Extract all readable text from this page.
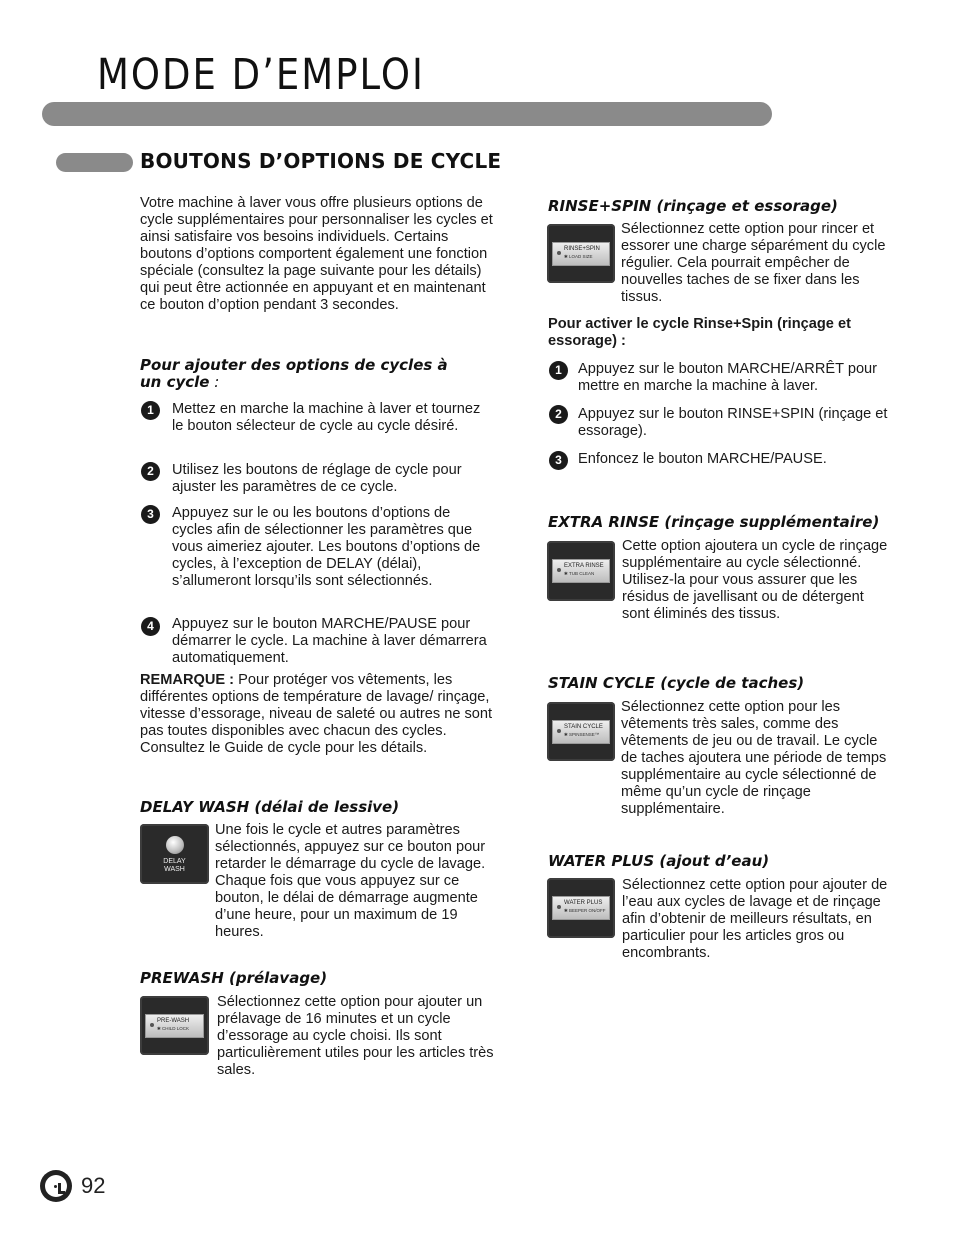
MODE D’EMPLOI
BOUTONS D’OPTIONS DE CYCLE

Votre machine à laver vous offre plusieurs options de cycle supplémentaires pour personnaliser les cycles et ainsi satisfaire vos besoins individuels. Certains boutons d’options comportent également une fonction spéciale (consultez la page suivante pour les détails) qui peut être actionnée en appuyant et en maintenant ce bouton d’option pendant 3 secondes.

Pour ajouter des options de cycles à un cycle :
1	Mettez en marche la machine à laver et tournez le bouton sélecteur de cycle au cycle désiré.

2	Utilisez les boutons de réglage de cycle pour ajuster les paramètres de ce cycle.

3	Appuyez sur le ou les boutons d’options de cycles afin de sélectionner les paramètres que vous aimeriez ajouter. Les boutons d’options de cycles, à l’exception de DELAY (délai), s’allumeront lorsqu’ils sont sélectionnés.

4	Appuyez sur le bouton MARCHE/PAUSE pour démarrer le cycle. La machine à laver démarrera automatiquement.

REMARQUE : Pour protéger vos vêtements, les différentes options de température de lavage/ rinçage, vitesse d’essorage, niveau de saleté ou autres ne sont pas toutes disponibles avec chacun des cycles. Consultez le Guide de cycle pour les détails.

DELAY WASH (délai de lessive)
DELAY
WASH

Une fois le cycle et autres paramètres sélectionnés, appuyez sur ce bouton pour retarder le démarrage du cycle de lavage. Chaque fois que vous appuyez sur ce bouton, le délai de démarrage augmente d’une heure, pour un maximum de 19 heures.

PREWASH (prélavage)
PRE-WASH
✱ CHILD LOCK

Sélectionnez cette option pour ajouter un prélavage de 16 minutes et un cycle d’essorage au cycle choisi. Ils sont particulièrement utiles pour les articles très sales.

RINSE+SPIN (rinçage et essorage)
RINSE+SPIN
✱ LOAD SIZE

Sélectionnez cette option pour rincer et essorer une charge séparément du cycle régulier. Cela pourrait empêcher de nouvelles taches de se fixer dans les tissus.

Pour activer le cycle Rinse+Spin (rinçage et essorage) :

1	Appuyez sur le bouton MARCHE/ARRÊT pour mettre en marche la machine à laver.

2	Appuyez sur le bouton RINSE+SPIN (rinçage et essorage).

3	Enfoncez le bouton MARCHE/PAUSE.

EXTRA RINSE (rinçage supplémentaire)
EXTRA RINSE
✱ TUB CLEAN

Cette option ajoutera un cycle de rinçage supplémentaire au cycle sélectionné. Utilisez-la pour vous assurer que les résidus de javellisant ou de détergent sont éliminés des tissus.

STAIN CYCLE (cycle de taches)
STAIN CYCLE
✱ SPINSENSE™

Sélectionnez cette option pour les vêtements très sales, comme des vêtements de jeu ou de travail. Le cycle de taches ajoutera une période de temps supplémentaire au cycle sélectionné de même qu’un cycle de rinçage supplémentaire.

WATER PLUS (ajout d’eau)
WATER PLUS
✱ BEEPER ON/OFF

Sélectionnez cette option pour ajouter de l’eau aux cycles de lavage et de rinçage afin d’obtenir de meilleurs résultats, en particulier pour les articles gros ou encombrants.

92
